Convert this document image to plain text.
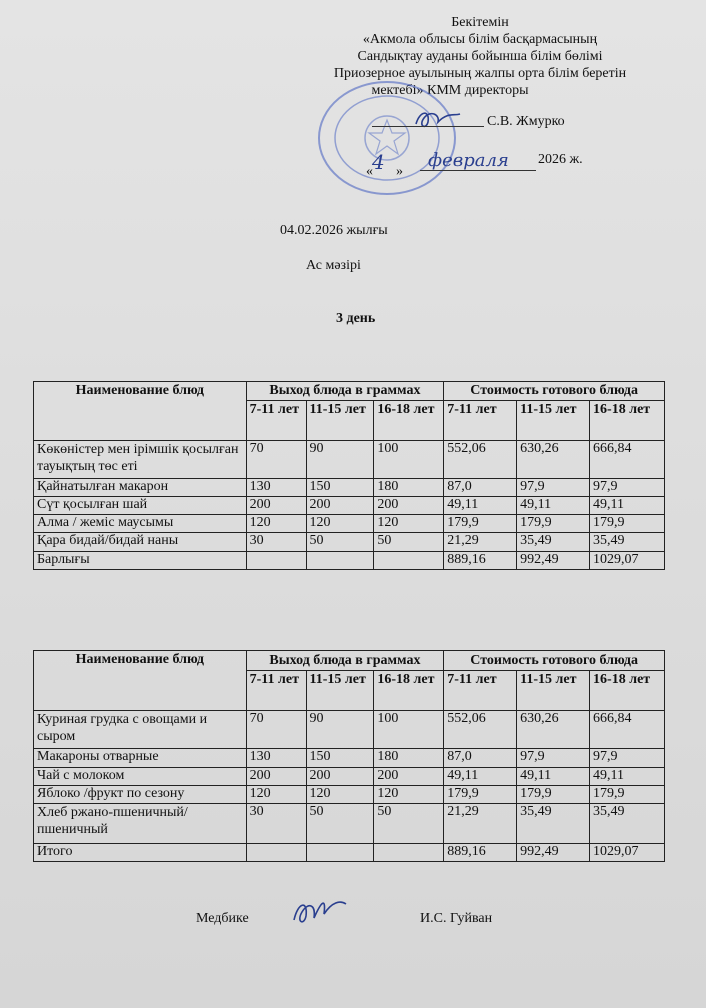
Бекітемін
«Акмола облысы білім басқармасының
Сандықтау ауданы бойынша білім бөлімі
Приозерное ауылының жалпы орта білім беретін
мектебі» КММ директоры
С.В. Жмурко
« 4 »
февраля 2026 ж.
04.02.2026 жылғы
Ас мәзірі
3 день
Наименование блюд	Выход блюда в граммах			Стоимость готового блюда		
	7-11 лет	11-15 лет	16-18 лет	7-11 лет	11-15 лет	16-18 лет
Көкөністер мен ірімшік қосылған тауықтың төс еті	70	90	100	552,06	630,26	666,84
Қайнатылған макарон	130	150	180	87,0	97,9	97,9
Сүт қосылған шай	200	200	200	49,11	49,11	49,11
Алма / жеміс маусымы	120	120	120	179,9	179,9	179,9
Қара бидай/бидай наны	30	50	50	21,29	35,49	35,49
Барлығы				889,16	992,49	1029,07
Наименование блюд	Выход блюда в граммах			Стоимость готового блюда		
	7-11 лет	11-15 лет	16-18 лет	7-11 лет	11-15 лет	16-18 лет
Куриная грудка с овощами и сыром	70	90	100	552,06	630,26	666,84
Макароны отварные	130	150	180	87,0	97,9	97,9
Чай с молоком	200	200	200	49,11	49,11	49,11
Яблоко /фрукт по сезону	120	120	120	179,9	179,9	179,9
Хлеб ржано-пшеничный/пшеничный	30	50	50	21,29	35,49	35,49
Итого				889,16	992,49	1029,07
Медбике	И.С. Гуйван
